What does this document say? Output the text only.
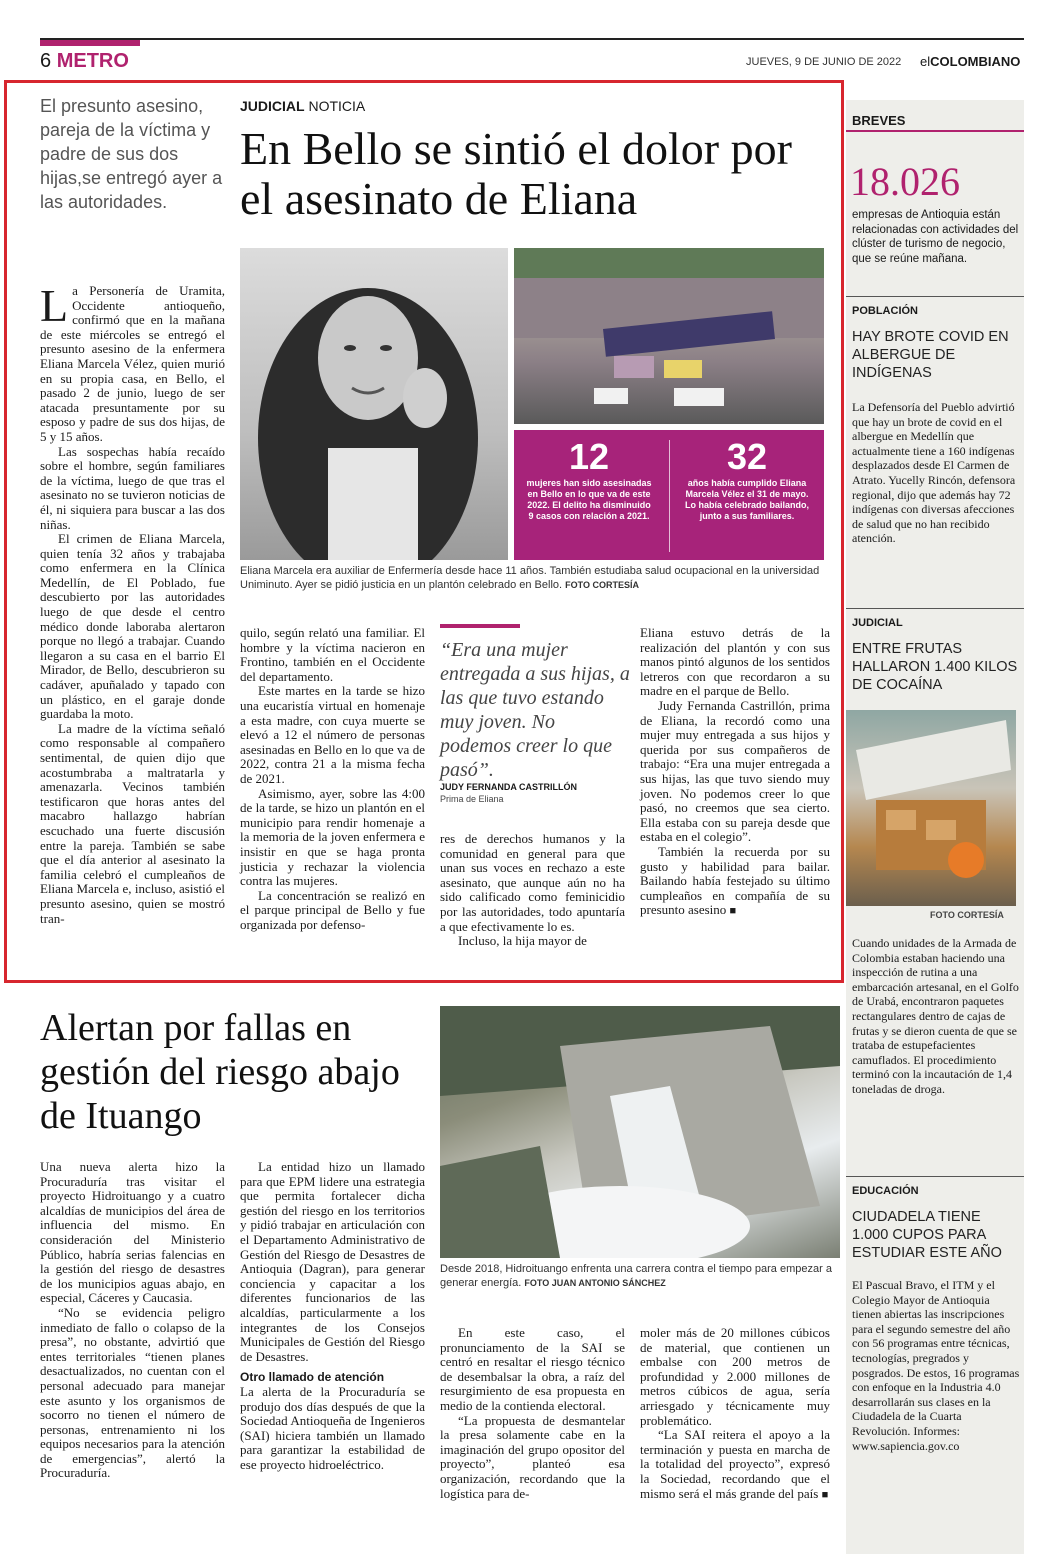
6 METRO	JUEVES, 9 DE JUNIO DE 2022 elCOLOMBIANO
El presunto asesino, pareja de la víctima y padre de sus dos hijas,se entregó ayer a las autoridades.
JUDICIAL NOTICIA
En Bello se sintió el dolor por el asesinato de Eliana
12
mujeres han sido asesinadas en Bello en lo que va de este 2022. El delito ha disminuido 9 casos con relación a 2021.
32
años había cumplido Eliana Marcela Vélez el 31 de mayo. Lo había celebrado bailando, junto a sus familiares.
Eliana Marcela era auxiliar de Enfermería desde hace 11 años. También estudiaba salud ocupacional en la universidad Uniminuto. Ayer se pidió justicia en un plantón celebrado en Bello. FOTO CORTESÍA

La Personería de Uramita, Occidente antioqueño, confirmó que en la mañana de este miércoles se entregó el presunto asesino de la enfermera Eliana Marcela Vélez, quien murió en su propia casa, en Bello, el pasado 2 de junio, luego de ser atacada presuntamente por su esposo y padre de sus dos hijas, de 5 y 15 años.

Las sospechas había recaído sobre el hombre, según familiares de la víctima, luego de que tras el asesinato no se tuvieron noticias de él, ni siquiera para buscar a las dos niñas.

El crimen de Eliana Marcela, quien tenía 32 años y trabajaba como enfermera en la Clínica Medellín, de El Poblado, fue descubierto por las autoridades luego de que desde el centro médico donde laboraba alertaron porque no llegó a trabajar. Cuando llegaron a su casa en el barrio El Mirador, de Bello, descubrieron su cadáver, apuñalado y tapado con un plástico, en el garaje donde guardaba la moto.

La madre de la víctima señaló como responsable al compañero sentimental, de quien dijo que acostumbraba a maltratarla y amenazarla. Vecinos también testificaron que horas antes del macabro hallazgo habrían escuchado una fuerte discusión entre la pareja. También se sabe que el día anterior al asesinato la familia celebró el cumpleaños de Eliana Marcela e, incluso, asistió el presunto asesino, quien se mostró tran-

quilo, según relató una familiar. El hombre y la víctima nacieron en Frontino, también en el Occidente del departamento.

Este martes en la tarde se hizo una eucaristía virtual en homenaje a esta madre, con cuya muerte se elevó a 12 el número de personas asesinadas en Bello en lo que va de 2022, contra 21 a la misma fecha de 2021.

Asimismo, ayer, sobre las 4:00 de la tarde, se hizo un plantón en el municipio para rendir homenaje a la memoria de la joven enfermera e insistir en que se haga pronta justicia y rechazar la violencia contra las mujeres.

La concentración se realizó en el parque principal de Bello y fue organizada por defenso-

“Era una mujer entregada a sus hijas, a las que tuvo estando muy joven. No podemos creer lo que pasó”.
JUDY FERNANDA CASTRILLÓN
Prima de Eliana

res de derechos humanos y la comunidad en general para que unan sus voces en rechazo a este asesinato, que aunque aún no ha sido calificado como feminicidio por las autoridades, todo apuntaría a que efectivamente lo es.

Incluso, la hija mayor de

Eliana estuvo detrás de la realización del plantón y con sus manos pintó algunos de los sentidos letreros con que recordaron a su madre en el parque de Bello.

Judy Fernanda Castrillón, prima de Eliana, la recordó como una mujer muy entregada a sus hijos y querida por sus compañeros de trabajo: “Era una mujer entregada a sus hijas, las que tuvo siendo muy joven. No podemos creer lo que pasó, no creemos que sea cierto. Ella estaba con su pareja desde que estaba en el colegio”.

También la recuerda por su gusto y habilidad para bailar. Bailando había festejado su último cumpleaños en compañía de su presunto asesino ■

BREVES
18.026
empresas de Antioquia están relacionadas con actividades del clúster de turismo de negocio, que se reúne mañana.
POBLACIÓN
HAY BROTE COVID EN ALBERGUE DE INDÍGENAS
La Defensoría del Pueblo advirtió que hay un brote de covid en el albergue en Medellín que actualmente tiene a 160 indígenas desplazados desde El Carmen de Atrato. Yucelly Rincón, defensora regional, dijo que además hay 72 indígenas con diversas afecciones de salud que no han recibido atención.
JUDICIAL
ENTRE FRUTAS HALLARON 1.400 KILOS DE COCAÍNA
FOTO CORTESÍA
Cuando unidades de la Armada de Colombia estaban haciendo una inspección de rutina a una embarcación artesanal, en el Golfo de Urabá, encontraron paquetes rectangulares dentro de cajas de frutas y se dieron cuenta de que se trataba de estupefacientes camuflados. El procedimiento terminó con la incautación de 1,4 toneladas de droga.
EDUCACIÓN
CIUDADELA TIENE 1.000 CUPOS PARA ESTUDIAR ESTE AÑO
El Pascual Bravo, el ITM y el Colegio Mayor de Antioquia tienen abiertas las inscripciones para el segundo semestre del año con 56 programas entre técnicas, tecnologías, pregrados y posgrados. De estos, 16 programas con enfoque en la Industria 4.0 desarrollarán sus clases en la Ciudadela de la Cuarta Revolución. Informes: www.sapiencia.gov.co
Alertan por fallas en gestión del riesgo abajo de Ituango
Desde 2018, Hidroituango enfrenta una carrera contra el tiempo para empezar a generar energía. FOTO JUAN ANTONIO SÁNCHEZ

Una nueva alerta hizo la Procuraduría tras visitar el proyecto Hidroituango y a cuatro alcaldías de municipios del área de influencia del mismo. En consideración del Ministerio Público, habría serias falencias en la gestión del riesgo de desastres de los municipios aguas abajo, en especial, Cáceres y Caucasia.

“No se evidencia peligro inmediato de fallo o colapso de la presa”, no obstante, advirtió que entes territoriales “tienen planes desactualizados, no cuentan con el personal adecuado para manejar este asunto y los organismos de socorro no tienen el número de personas, entrenamiento ni los equipos necesarios para la atención de emergencias”, alertó la Procuraduría.

La entidad hizo un llamado para que EPM lidere una estrategia que permita fortalecer dicha gestión del riesgo en los territorios y pidió trabajar en articulación con el Departamento Administrativo de Gestión del Riesgo de Desastres de Antioquia (Dagran), para generar conciencia y capacitar a los diferentes funcionarios de las alcaldías, particularmente a los integrantes de los Consejos Municipales de Gestión del Riesgo de Desastres.

Otro llamado de atención

La alerta de la Procuraduría se produjo dos días después de que la Sociedad Antioqueña de Ingenieros (SAI) hiciera también un llamado para garantizar la estabilidad de ese proyecto hidroeléctrico.

En este caso, el pronunciamento de la SAI se centró en resaltar el riesgo técnico de desembalsar la obra, a raíz del resurgimiento de esa propuesta en medio de la contienda electoral.

“La propuesta de desmantelar la presa solamente cabe en la imaginación del grupo opositor del proyecto”, planteó esa organización, recordando que la logística para de-

moler más de 20 millones cúbicos de material, que contienen un embalse con 200 metros de profundidad y 2.000 millones de metros cúbicos de agua, sería arriesgado y técnicamente muy problemático.

“La SAI reitera el apoyo a la terminación y puesta en marcha de la totalidad del proyecto”, expresó la Sociedad, recordando que el mismo será el más grande del país ■
